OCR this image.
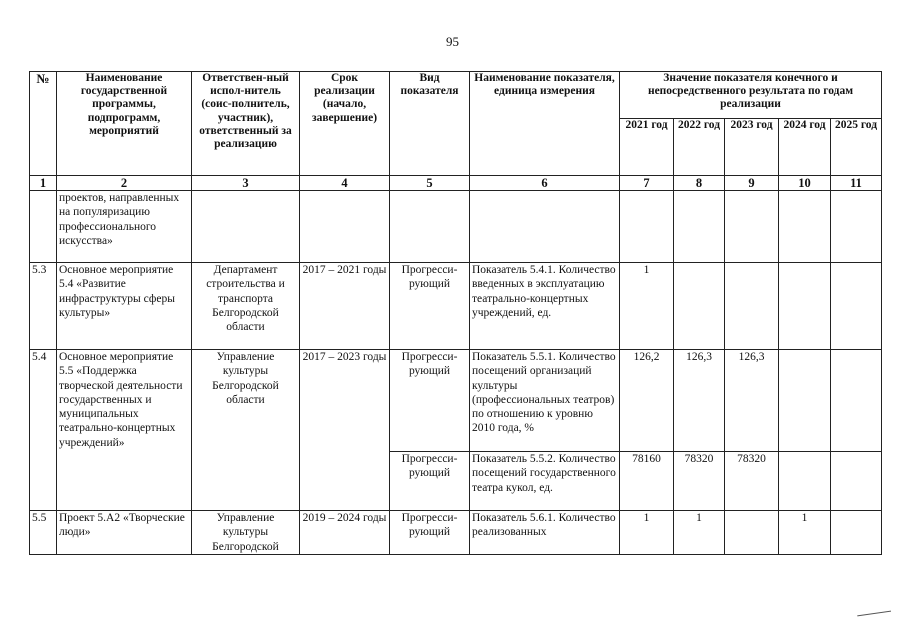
95
№	Наименование государственной программы, подпрограмм, мероприятий	Ответствен-ный испол-нитель (соис-полнитель, участник), ответственный за реализацию	Срок реализации (начало, завершение)	Вид показателя	Наименование показателя, единица измерения	Значение показателя конечного и непосредственного результата по годам реализации				
						2021 год	2022 год	2023 год	2024 год	2025 год
1	2	3	4	5	6	7	8	9	10	11
	проектов, направленных на популяризацию профессионального искусства»									
5.3	Основное мероприятие 5.4 «Развитие инфраструктуры сферы культуры»	Департамент строительства и транспорта Белгородской области	2017 – 2021 годы	Прогресси-рующий	Показатель 5.4.1. Количество введенных в эксплуатацию театрально-концертных учреждений, ед.	1				
5.4	Основное мероприятие 5.5 «Поддержка творческой деятельности государственных и муниципальных театрально-концертных учреждений»	Управление культуры Белгородской области	2017 – 2023 годы	Прогресси-рующий	Показатель 5.5.1. Количество посещений организаций культуры (профессиональных театров) по отношению к уровню 2010 года, %	126,2	126,3	126,3		
				Прогресси-рующий	Показатель 5.5.2. Количество посещений государственного театра кукол, ед.	78160	78320	78320		
5.5	Проект 5.А2 «Творческие люди»	Управление культуры Белгородской	2019 – 2024 годы	Прогресси-рующий	Показатель 5.6.1. Количество реализованных	1	1		1	
